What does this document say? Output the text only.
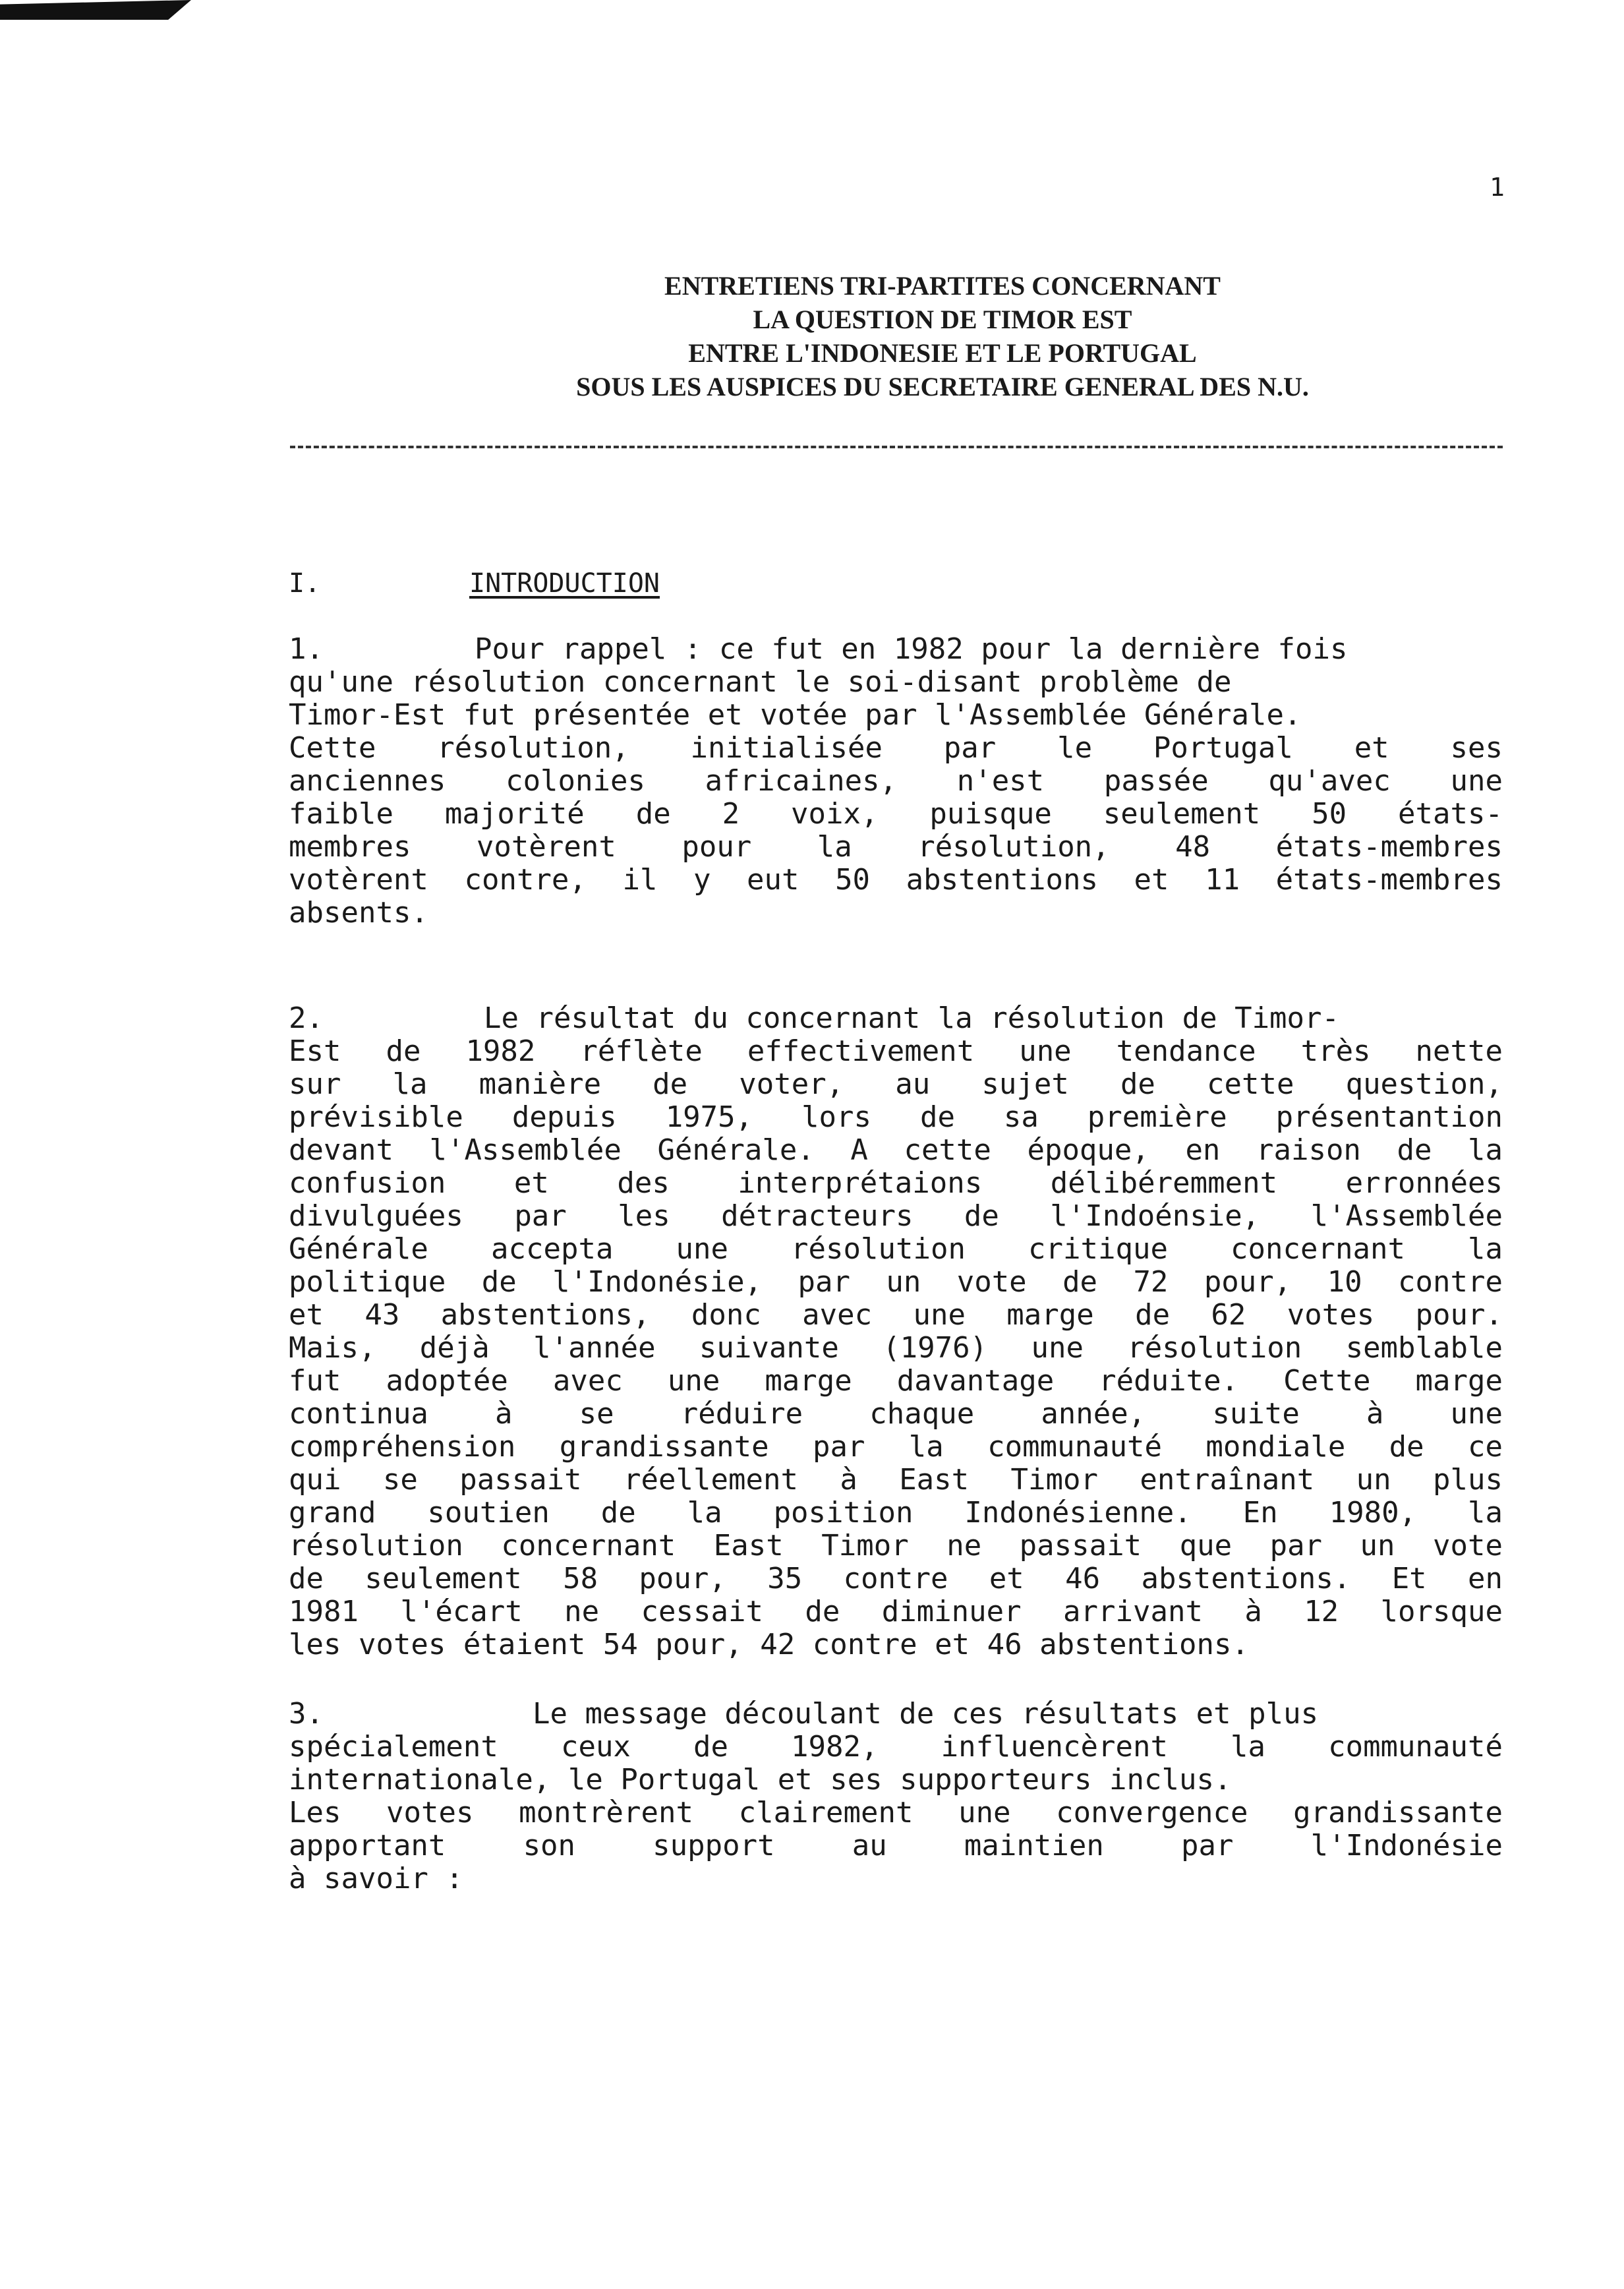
1
ENTRETIENS TRI-PARTITES CONCERNANT
LA QUESTION DE TIMOR EST
ENTRE L'INDONESIE ET LE PORTUGAL
SOUS LES AUSPICES DU SECRETAIRE GENERAL DES N.U.
I.	INTRODUCTION

1.	Pour rappel : ce fut en 1982 pour la dernière fois
qu'une résolution concernant le soi-disant problème de
Timor-Est fut présentée et votée par l'Assemblée Générale.
Cette résolution, initialisée par le Portugal et ses
anciennes colonies africaines, n'est passée qu'avec une
faible majorité de 2 voix, puisque seulement 50 états-
membres votèrent pour la résolution, 48 états-membres
votèrent contre, il y eut 50 abstentions et 11 états-membres
absents.

2.	Le résultat du concernant la résolution de Timor-
Est de 1982 réflète effectivement une tendance très nette
sur la manière de voter, au sujet de cette question,
prévisible depuis 1975, lors de sa première présentantion
devant l'Assemblée Générale. A cette époque, en raison de la
confusion et des interprétaions délibéremment erronnées
divulguées par les détracteurs de l'Indoénsie, l'Assemblée
Générale accepta une résolution critique concernant la
politique de l'Indonésie, par un vote de 72 pour, 10 contre
et 43 abstentions, donc avec une marge de 62 votes pour.
Mais, déjà l'année suivante (1976) une résolution semblable
fut adoptée avec une marge davantage réduite. Cette marge
continua à se réduire chaque année, suite à une
compréhension grandissante par la communauté mondiale de ce
qui se passait réellement à East Timor entraînant un plus
grand soutien de la position Indonésienne. En 1980, la
résolution concernant East Timor ne passait que par un vote
de seulement 58 pour, 35 contre et 46 abstentions. Et en
1981 l'écart ne cessait de diminuer arrivant à 12 lorsque
les votes étaient 54 pour, 42 contre et 46 abstentions.

3.	Le message découlant de ces résultats et plus
spécialement ceux de 1982, influencèrent la communauté
internationale, le Portugal et ses supporteurs inclus.
Les votes montrèrent clairement une convergence grandissante
apportant son support au maintien par l'Indonésie
à savoir :
